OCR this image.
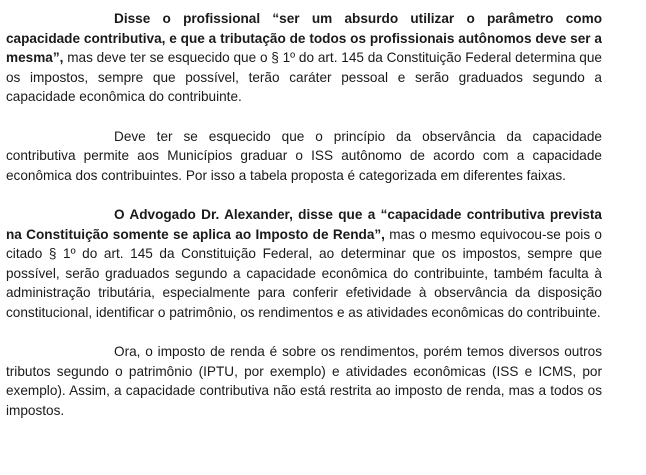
Disse o profissional “ser um absurdo utilizar o parâmetro como capacidade contributiva, e que a tributação de todos os profissionais autônomos deve ser a mesma”, mas deve ter se esquecido que o § 1º do art. 145 da Constituição Federal determina que os impostos, sempre que possível, terão caráter pessoal e serão graduados segundo a capacidade econômica do contribuinte.

Deve ter se esquecido que o princípio da observância da capacidade contributiva permite aos Municípios graduar o ISS autônomo de acordo com a capacidade econômica dos contribuintes. Por isso a tabela proposta é categorizada em diferentes faixas.

O Advogado Dr. Alexander, disse que a “capacidade contributiva prevista na Constituição somente se aplica ao Imposto de Renda”, mas o mesmo equivocou-se pois o citado § 1º do art. 145 da Constituição Federal, ao determinar que os impostos, sempre que possível, serão graduados segundo a capacidade econômica do contribuinte, também faculta à administração tributária, especialmente para conferir efetividade à observância da disposição constitucional, identificar o patrimônio, os rendimentos e as atividades econômicas do contribuinte.

Ora, o imposto de renda é sobre os rendimentos, porém temos diversos outros tributos segundo o patrimônio (IPTU, por exemplo) e atividades econômicas (ISS e ICMS, por exemplo). Assim, a capacidade contributiva não está restrita ao imposto de renda, mas a todos os impostos.
